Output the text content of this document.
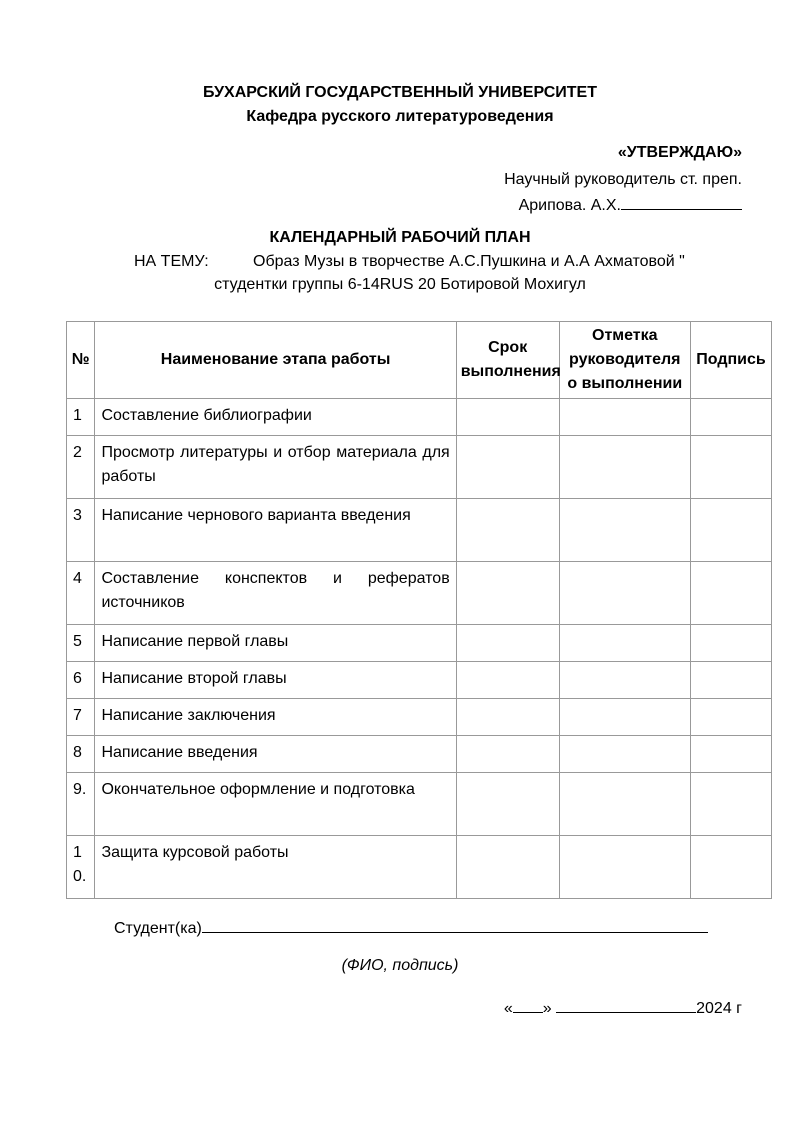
БУХАРСКИЙ ГОСУДАРСТВЕННЫЙ УНИВЕРСИТЕТ
Кафедра русского литературоведения
«УТВЕРЖДАЮ»
Научный руководитель ст. преп.
Арипова. А.Х.
КАЛЕНДАРНЫЙ РАБОЧИЙ ПЛАН
НА ТЕМУ:	Образ Музы в творчестве А.С.Пушкина и А.А Ахматовой "
студентки группы 6-14RUS 20 Ботировой Мохигул
№	Наименование этапа работы	Срок выполнения	Отметка руководителя о выполнении	Подпись
1	Составление библиографии			
2	Просмотр литературы и отбор материала для работы			
3	Написание чернового варианта введения			
4	Составление конспектов и рефератов источников			
5	Написание первой главы			
6	Написание второй главы			
7	Написание заключения			
8	Написание введения			
9.	Окончательное оформление и подготовка			
10.	Защита курсовой работы			
Студент(ка)
(ФИО, подпись)
« »	2024 г
